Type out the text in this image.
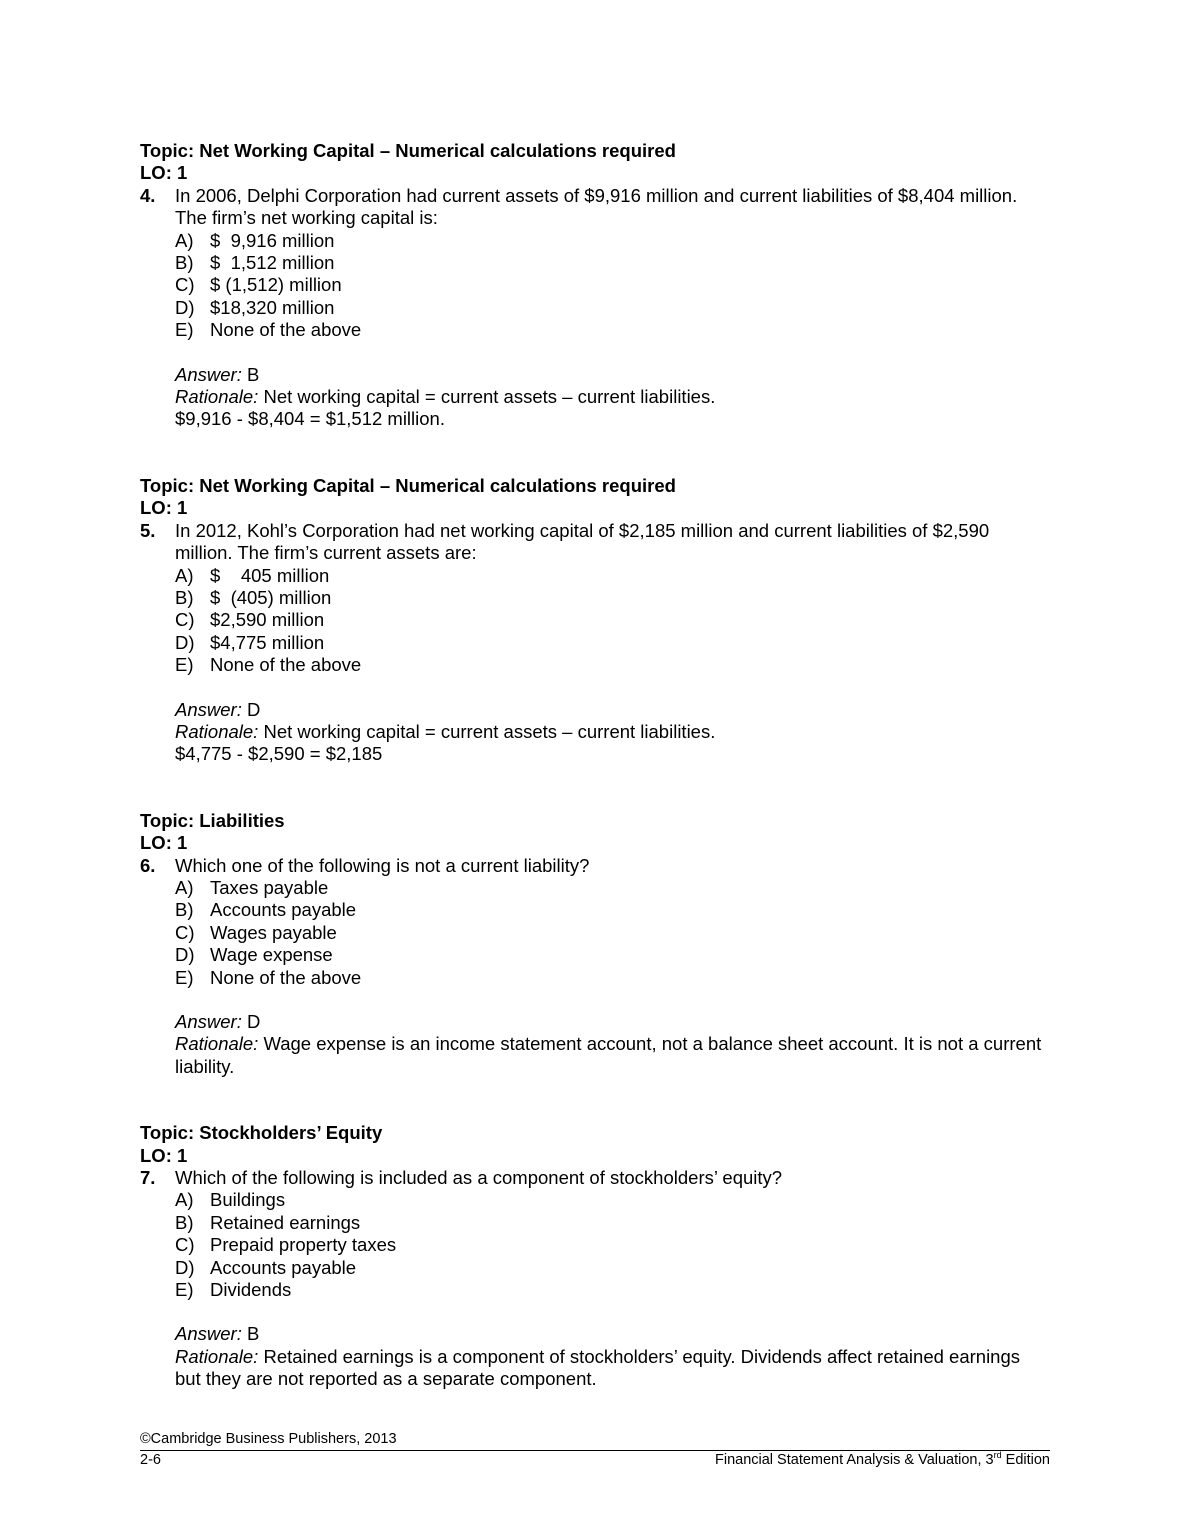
Topic: Net Working Capital – Numerical calculations required
LO: 1
4.	In 2006, Delphi Corporation had current assets of $9,916 million and current liabilities of $8,404 million. The firm’s net working capital is:
A) $  9,916 million
B) $  1,512 million
C) $ (1,512) million
D) $18,320 million
E) None of the above
Answer: B
Rationale: Net working capital = current assets – current liabilities.
$9,916 - $8,404 = $1,512 million.
Topic: Net Working Capital – Numerical calculations required
LO: 1
5.	In 2012, Kohl’s Corporation had net working capital of $2,185 million and current liabilities of $2,590 million. The firm’s current assets are:
A) $    405 million
B) $  (405) million
C) $2,590 million
D) $4,775 million
E) None of the above
Answer: D
Rationale: Net working capital = current assets – current liabilities.
$4,775 - $2,590 = $2,185
Topic: Liabilities
LO: 1
6.	Which one of the following is not a current liability?
A) Taxes payable
B) Accounts payable
C) Wages payable
D) Wage expense
E) None of the above
Answer: D
Rationale: Wage expense is an income statement account, not a balance sheet account. It is not a current liability.
Topic: Stockholders’ Equity
LO: 1
7.	Which of the following is included as a component of stockholders’ equity?
A) Buildings
B) Retained earnings
C) Prepaid property taxes
D) Accounts payable
E) Dividends
Answer: B
Rationale: Retained earnings is a component of stockholders’ equity. Dividends affect retained earnings but they are not reported as a separate component.
©Cambridge Business Publishers, 2013
2-6	Financial Statement Analysis & Valuation, 3rd Edition
